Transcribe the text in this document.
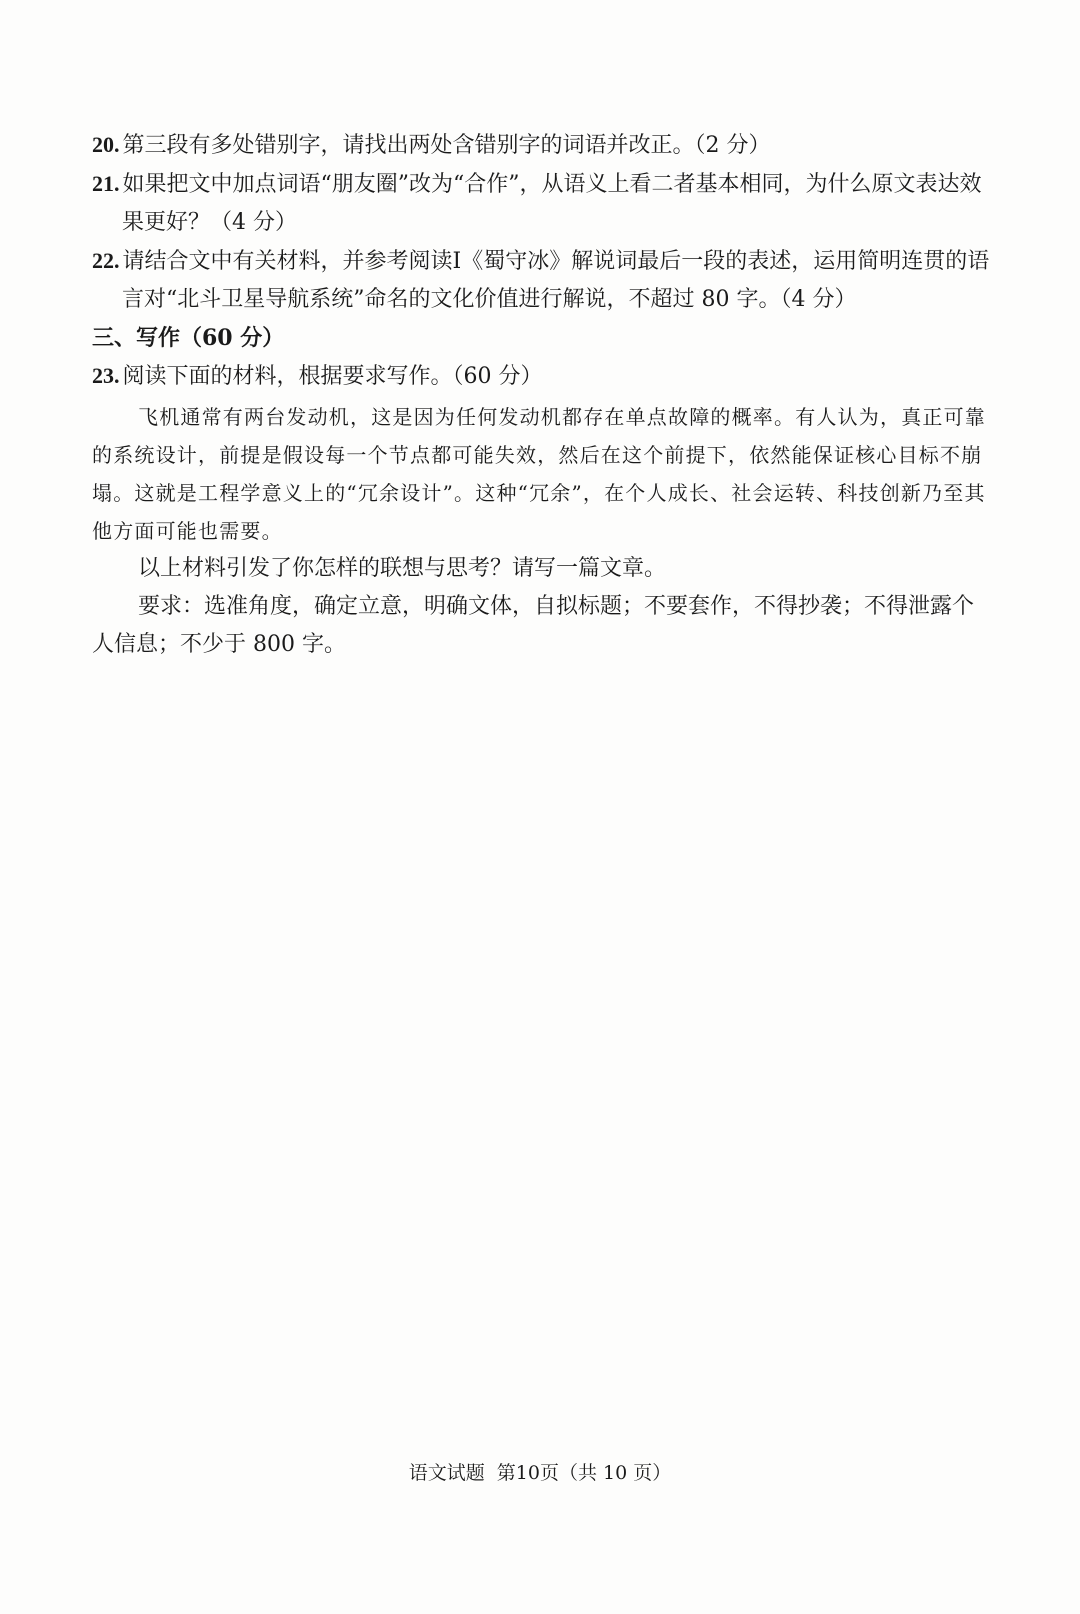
20. 第三段有多处错别字，请找出两处含错别字的词语并改正。（2 分）

21. 如果把文中加点词语“朋友圈”改为“合作”，从语义上看二者基本相同，为什么原文表达效
果更好？（4 分）

22. 请结合文中有关材料，并参考阅读Ⅰ《蜀守冰》解说词最后一段的表述，运用简明连贯的语
言对“北斗卫星导航系统”命名的文化价值进行解说，不超过 80 字。（4 分）

三、写作（60 分）

23. 阅读下面的材料，根据要求写作。（60 分）

飞机通常有两台发动机，这是因为任何发动机都存在单点故障的概率。有人认为，真正可靠的系统设计，前提是假设每一个节点都可能失效，然后在这个前提下，依然能保证核心目标不崩塌。这就是工程学意义上的“冗余设计”。这种“冗余”，在个人成长、社会运转、科技创新乃至其他方面可能也需要。

以上材料引发了你怎样的联想与思考？请写一篇文章。

要求：选准角度，确定立意，明确文体，自拟标题；不要套作，不得抄袭；不得泄露个人信息；不少于 800 字。

语文试题 第10页（共 10 页）
